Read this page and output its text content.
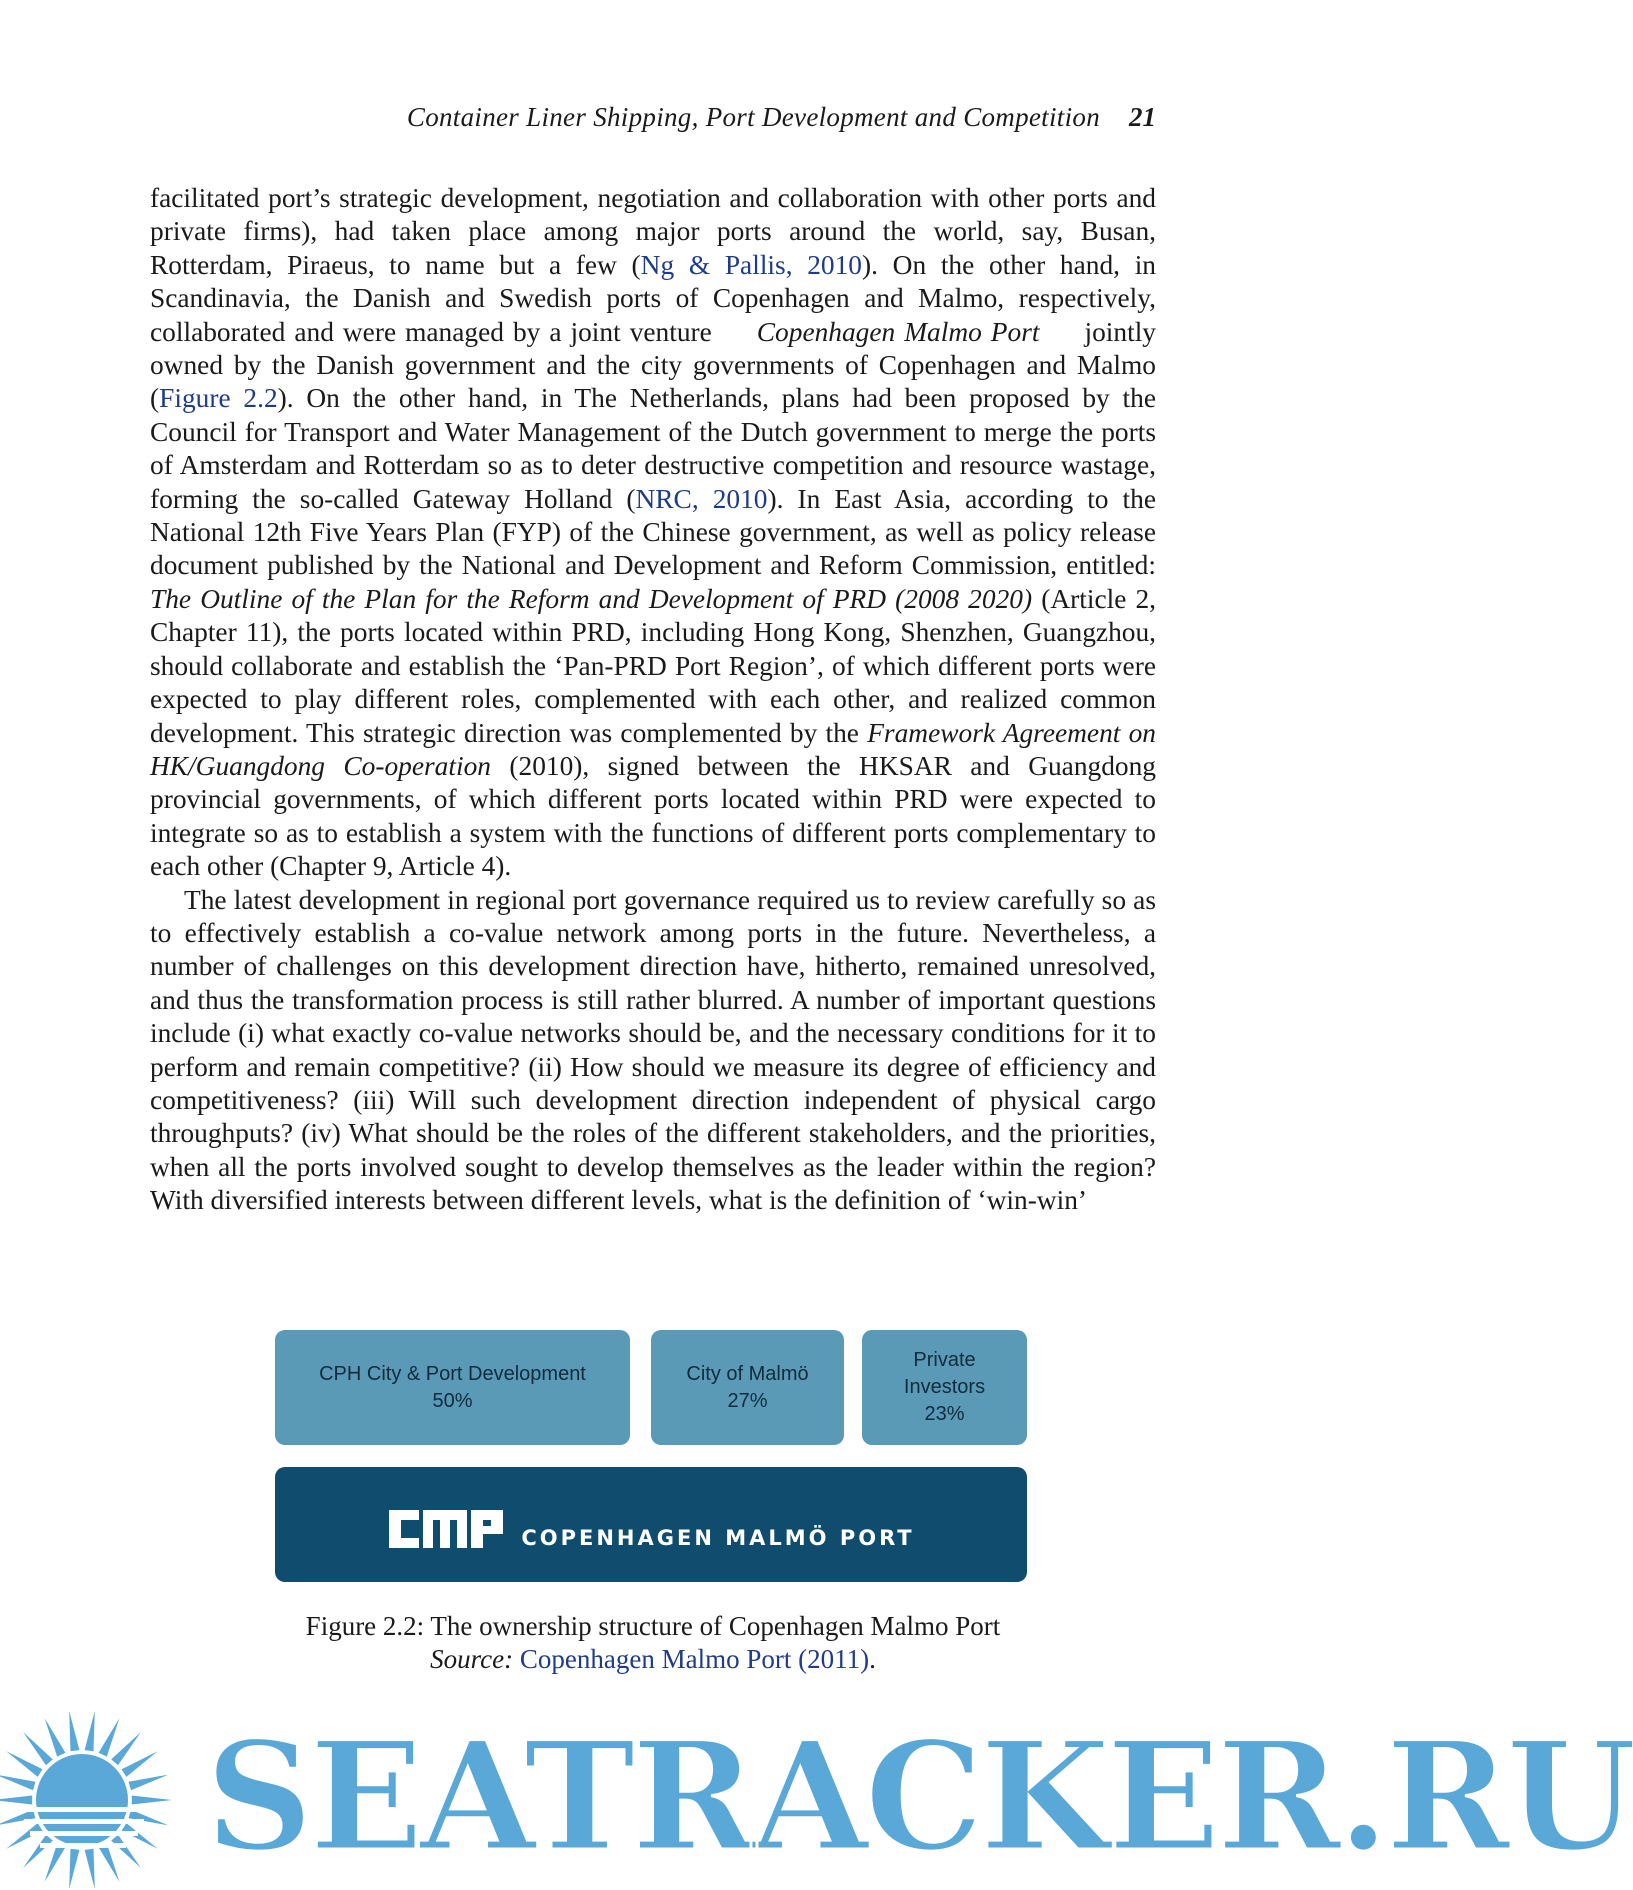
Container Liner Shipping, Port Development and Competition 21

facilitated port’s strategic development, negotiation and collaboration with other ports and private firms), had taken place among major ports around the world, say, Busan, Rotterdam, Piraeus, to name but a few (Ng & Pallis, 2010). On the other hand, in Scandinavia, the Danish and Swedish ports of Copenhagen and Malmo, respectively, collaborated and were managed by a joint venture     Copenhagen Malmo Port     jointly owned by the Danish government and the city governments of Copenhagen and Malmo (Figure 2.2). On the other hand, in The Netherlands, plans had been proposed by the Council for Transport and Water Management of the Dutch government to merge the ports of Amsterdam and Rotterdam so as to deter destructive competition and resource wastage, forming the so-called Gateway Holland (NRC, 2010). In East Asia, according to the National 12th Five Years Plan (FYP) of the Chinese government, as well as policy release document published by the National and Development and Reform Commission, entitled: The Outline of the Plan for the Reform and Development of PRD (2008 2020) (Article 2, Chapter 11), the ports located within PRD, including Hong Kong, Shenzhen, Guangzhou, should collaborate and establish the ‘Pan-PRD Port Region’, of which different ports were expected to play different roles, complemented with each other, and realized common development. This strategic direction was complemented by the Framework Agreement on HK/Guangdong Co-operation (2010), signed between the HKSAR and Guangdong provincial governments, of which different ports located within PRD were expected to integrate so as to establish a system with the functions of different ports complementary to each other (Chapter 9, Article 4).

The latest development in regional port governance required us to review carefully so as to effectively establish a co-value network among ports in the future. Nevertheless, a number of challenges on this development direction have, hitherto, remained unresolved, and thus the transformation process is still rather blurred. A number of important questions include (i) what exactly co-value networks should be, and the necessary conditions for it to perform and remain competitive? (ii) How should we measure its degree of efficiency and competitiveness? (iii) Will such development direction independent of physical cargo throughputs? (iv) What should be the roles of the different stakeholders, and the priorities, when all the ports involved sought to develop themselves as the leader within the region? With diversified interests between different levels, what is the definition of ‘win-win’

CPH City & Port Development
50%
City of Malmö
27%
Private
Investors
23%
COPENHAGEN MALMÖ PORT
Figure 2.2: The ownership structure of Copenhagen Malmo Port
Source: Copenhagen Malmo Port (2011).
SEATRACKER.RU
